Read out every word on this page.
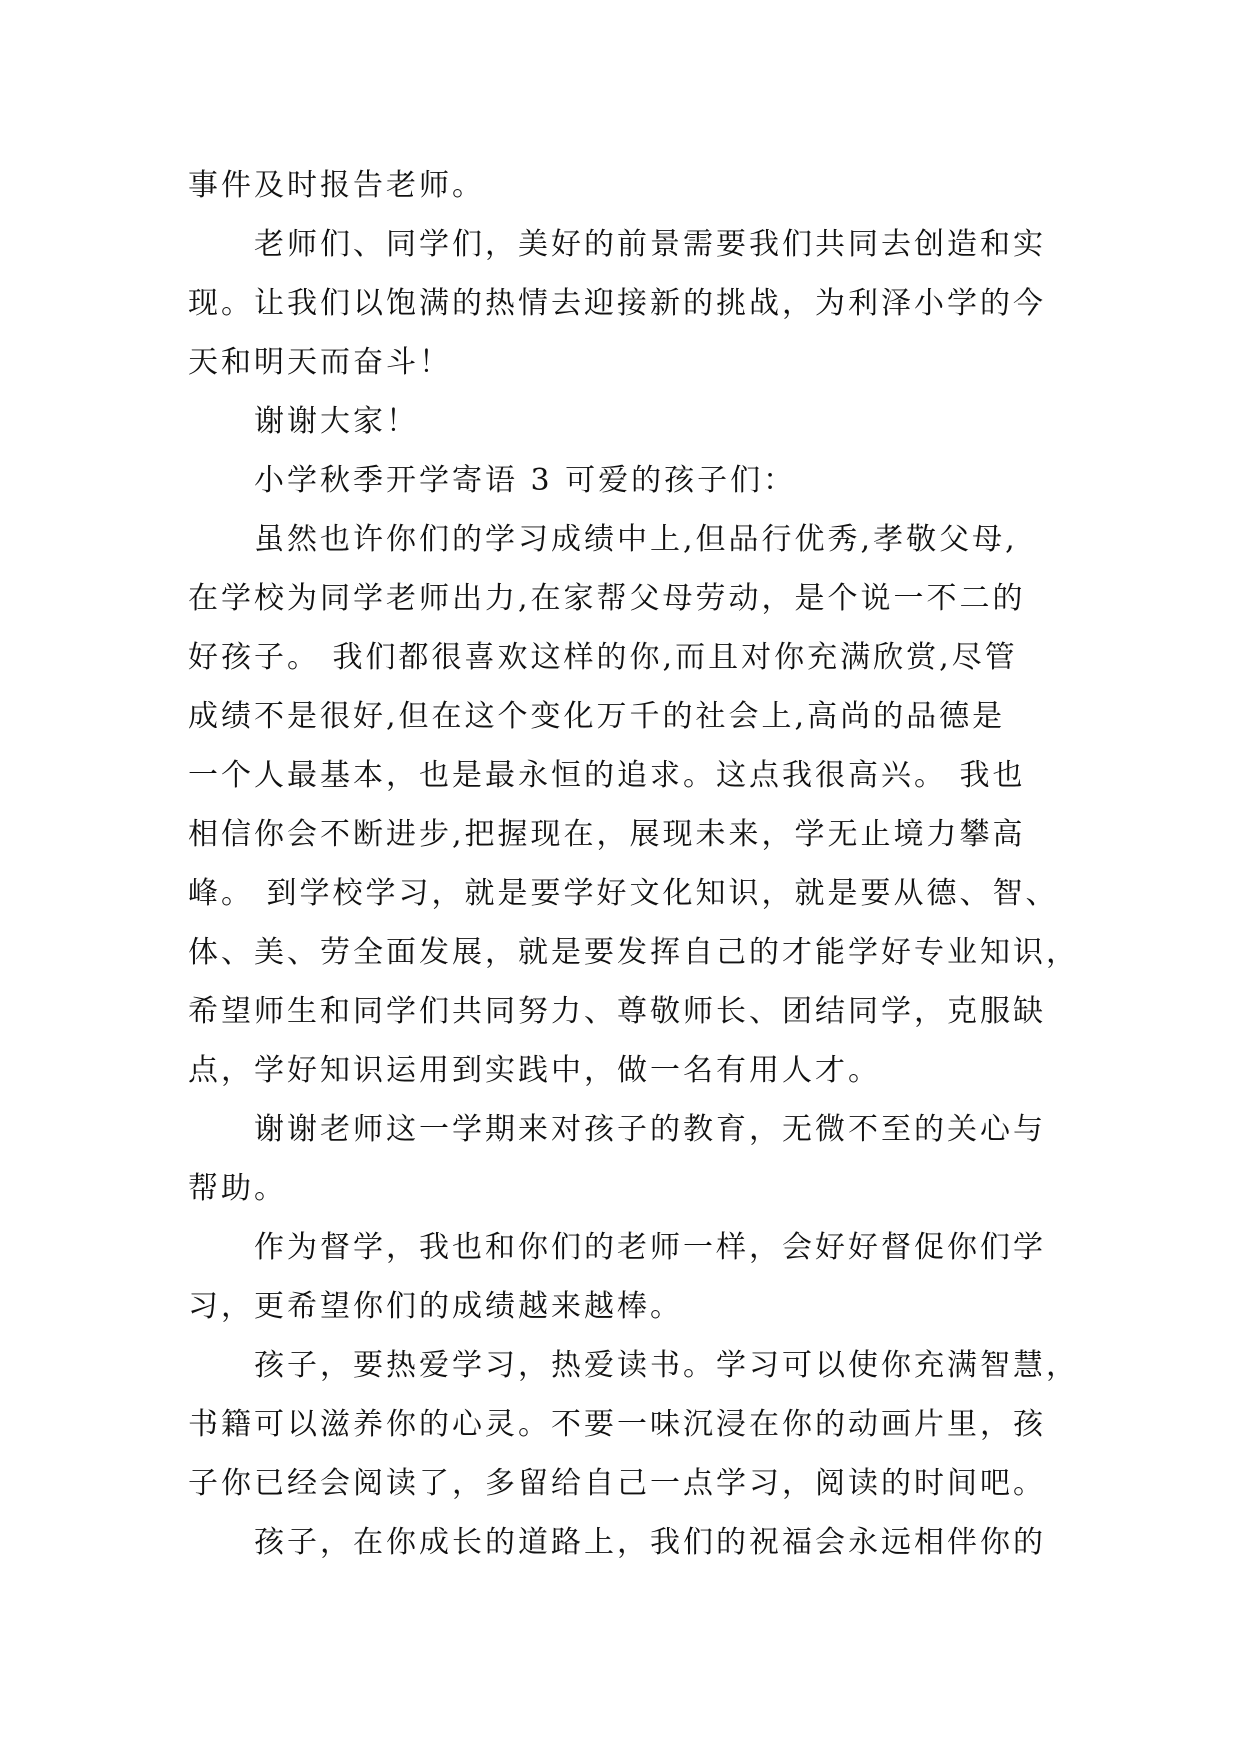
事件及时报告老师。

老师们、同学们，美好的前景需要我们共同去创造和实

现。让我们以饱满的热情去迎接新的挑战，为利泽小学的今

天和明天而奋斗！

谢谢大家！

小学秋季开学寄语 3 可爱的孩子们：

虽然也许你们的学习成绩中上,但品行优秀,孝敬父母,

在学校为同学老师出力,在家帮父母劳动，是个说一不二的

好孩子。 我们都很喜欢这样的你,而且对你充满欣赏,尽管

成绩不是很好,但在这个变化万千的社会上,高尚的品德是

一个人最基本，也是最永恒的追求。这点我很高兴。 我也

相信你会不断进步,把握现在，展现未来，学无止境力攀高

峰。 到学校学习，就是要学好文化知识，就是要从德、智、

体、美、劳全面发展，就是要发挥自己的才能学好专业知识，

希望师生和同学们共同努力、尊敬师长、团结同学，克服缺

点，学好知识运用到实践中，做一名有用人才。

谢谢老师这一学期来对孩子的教育，无微不至的关心与

帮助。

作为督学，我也和你们的老师一样，会好好督促你们学

习，更希望你们的成绩越来越棒。

孩子，要热爱学习，热爱读书。学习可以使你充满智慧，

书籍可以滋养你的心灵。不要一味沉浸在你的动画片里，孩

子你已经会阅读了，多留给自己一点学习，阅读的时间吧。

孩子，在你成长的道路上，我们的祝福会永远相伴你的
